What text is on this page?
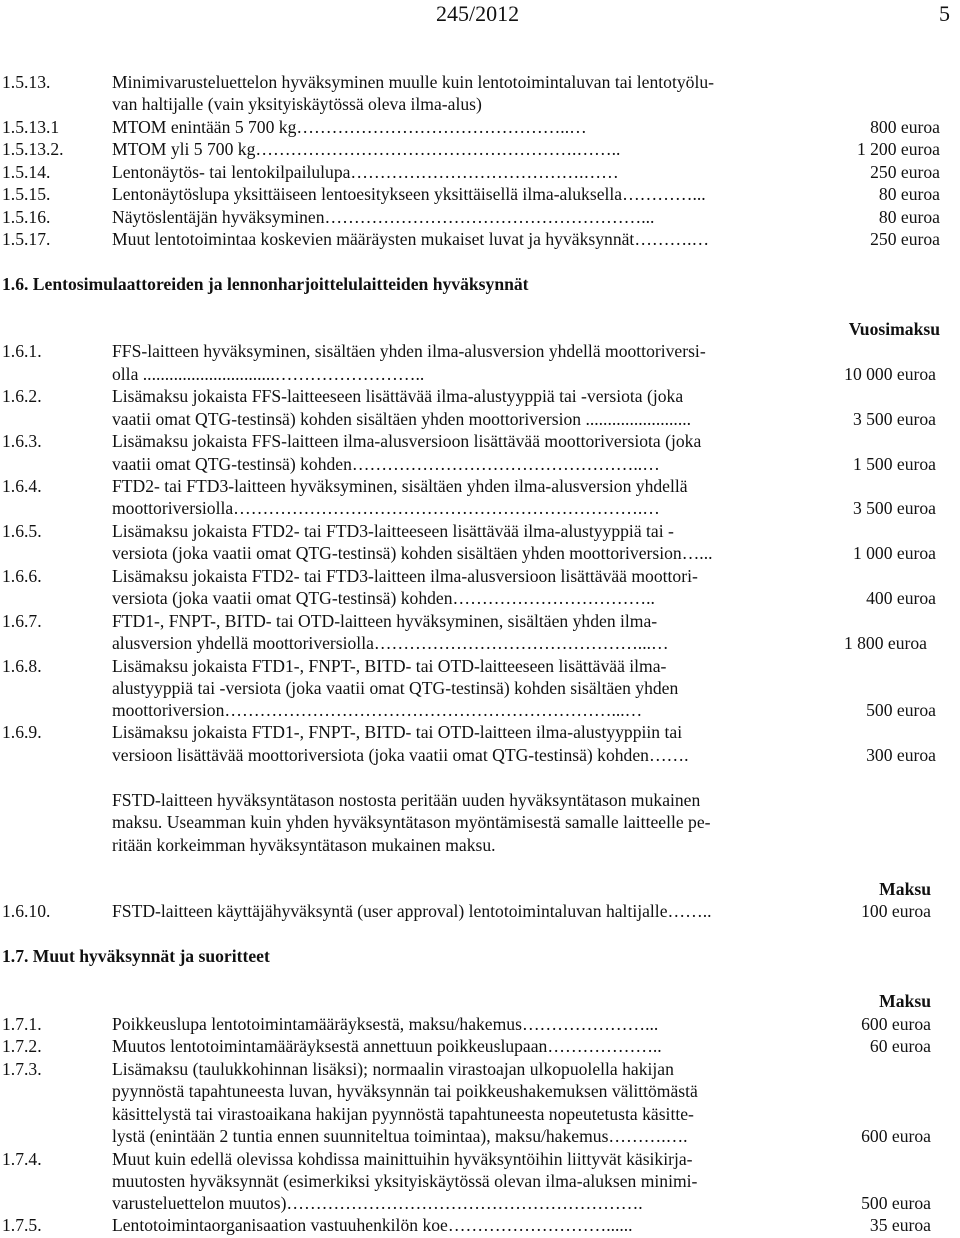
245/2012	5
1.5.13.	Minimivarusteluettelon hyväksyminen muulle kuin lentotoimintaluvan tai lentotyölu-
van haltijalle (vain yksityiskäytössä oleva ilma-alus)
1.5.13.1	MTOM enintään 5 700 kg………………………………………..…	800 euroa
1.5.13.2.	MTOM yli 5 700 kg……………………………………………….……..	1 200 euroa
1.5.14.	Lentonäytös- tai lentokilpailulupa………………………………….……	250 euroa
1.5.15.	Lentonäytöslupa yksittäiseen lentoesitykseen yksittäisellä ilma-aluksella…………...	80 euroa
1.5.16.	Näytöslentäjän hyväksyminen………………………………………………...	80 euroa
1.5.17.	Muut lentotoimintaa koskevien määräysten mukaiset luvat ja hyväksynnät……….…	250 euroa
1.6. Lentosimulaattoreiden ja lennonharjoittelulaitteiden hyväksynnät
Vuosimaksu
1.6.1.	FFS-laitteen hyväksyminen, sisältäen yhden ilma-alusversion yhdellä moottoriversi-
olla ..............................……………………..	10 000 euroa
1.6.2.	Lisämaksu jokaista FFS-laitteeseen lisättävää ilma-alustyyppiä tai -versiota (joka
vaatii omat QTG-testinsä) kohden sisältäen yhden moottoriversion ........................	3 500 euroa
1.6.3.	Lisämaksu jokaista FFS-laitteen ilma-alusversioon lisättävää moottoriversiota (joka
vaatii omat QTG-testinsä) kohden…………………………………………..…	1 500 euroa
1.6.4.	FTD2- tai FTD3-laitteen hyväksyminen, sisältäen yhden ilma-alusversion yhdellä
moottoriversiolla…………………………………………………………….…	3 500 euroa
1.6.5.	Lisämaksu jokaista FTD2- tai FTD3-laitteeseen lisättävää ilma-alustyyppiä tai -
versiota (joka vaatii omat QTG-testinsä) kohden sisältäen yhden moottoriversion…...	1 000 euroa
1.6.6.	Lisämaksu jokaista FTD2- tai FTD3-laitteen ilma-alusversioon lisättävää moottori-
versiota (joka vaatii omat QTG-testinsä) kohden……………………………..	400 euroa
1.6.7.	FTD1-, FNPT-, BITD- tai OTD-laitteen hyväksyminen, sisältäen yhden ilma-
alusversion yhdellä moottoriversiolla………………………………………...…	1 800 euroa
1.6.8.	Lisämaksu jokaista FTD1-, FNPT-, BITD- tai OTD-laitteeseen lisättävää ilma-
alustyyppiä tai -versiota (joka vaatii omat QTG-testinsä) kohden sisältäen yhden
moottoriversion…………………………………………………………...…	500 euroa
1.6.9.	Lisämaksu jokaista FTD1-, FNPT-, BITD- tai OTD-laitteen ilma-alustyyppiin tai
versioon lisättävää moottoriversiota (joka vaatii omat QTG-testinsä) kohden…….	300 euroa
FSTD-laitteen hyväksyntätason nostosta peritään uuden hyväksyntätason mukainen
maksu. Useamman kuin yhden hyväksyntätason myöntämisestä samalle laitteelle pe-
ritään korkeimman hyväksyntätason mukainen maksu.
Maksu
1.6.10.	FSTD-laitteen käyttäjähyväksyntä (user approval) lentotoimintaluvan haltijalle……..	100 euroa
1.7. Muut hyväksynnät ja suoritteet
Maksu
1.7.1.	Poikkeuslupa lentotoimintamääräyksestä, maksu/hakemus…………………...	600 euroa
1.7.2.	Muutos lentotoimintamääräyksestä annettuun poikkeuslupaan………………..	60 euroa
1.7.3.	Lisämaksu (taulukkohinnan lisäksi); normaalin virastoajan ulkopuolella hakijan
pyynnöstä tapahtuneesta luvan, hyväksynnän tai poikkeushakemuksen välittömästä
käsittelystä tai virastoaikana hakijan pyynnöstä tapahtuneesta nopeutetusta käsitte-
lystä (enintään 2 tuntia ennen suunniteltua toimintaa), maksu/hakemus……….….	600 euroa
1.7.4.	Muut kuin edellä olevissa kohdissa mainittuihin hyväksyntöihin liittyvät käsikirja-
muutosten hyväksynnät (esimerkiksi yksityiskäytössä olevan ilma-aluksen minimi-
varusteluettelon muutos)…………………………………………………….	500 euroa
1.7.5.	Lentotoimintaorganisaation vastuuhenkilön koe………………………......	35 euroa
